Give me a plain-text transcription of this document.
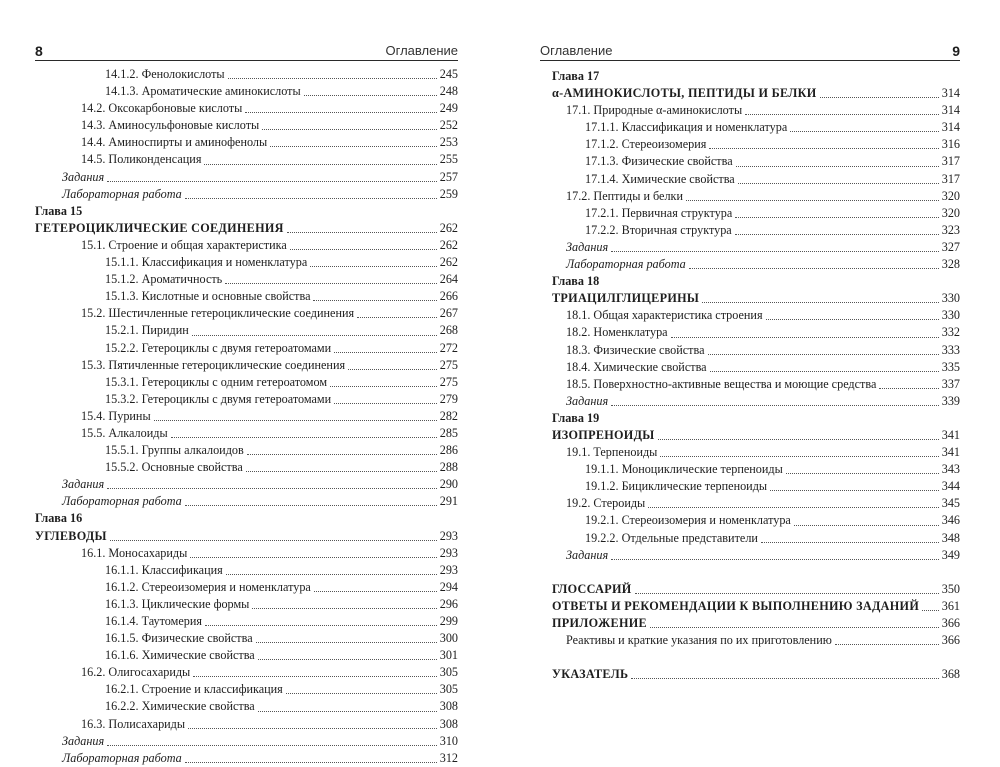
8	Оглавление
14.1.2. Фенолокислоты	245
14.1.3. Ароматические аминокислоты	248
14.2. Оксокарбоновые кислоты	249
14.3. Аминосульфоновые кислоты	252
14.4. Аминоспирты и аминофенолы	253
14.5. Поликонденсация	255
Задания	257
Лабораторная работа	259
Глава 15
ГЕТЕРОЦИКЛИЧЕСКИЕ СОЕДИНЕНИЯ	262
15.1. Строение и общая характеристика	262
15.1.1. Классификация и номенклатура	262
15.1.2. Ароматичность	264
15.1.3. Кислотные и основные свойства	266
15.2. Шестичленные гетероциклические соединения	267
15.2.1. Пиридин	268
15.2.2. Гетероциклы с двумя гетероатомами	272
15.3. Пятичленные гетероциклические соединения	275
15.3.1. Гетероциклы с одним гетероатомом	275
15.3.2. Гетероциклы с двумя гетероатомами	279
15.4. Пурины	282
15.5. Алкалоиды	285
15.5.1. Группы алкалоидов	286
15.5.2. Основные свойства	288
Задания	290
Лабораторная работа	291
Глава 16
УГЛЕВОДЫ	293
16.1. Моносахариды	293
16.1.1. Классификация	293
16.1.2. Стереоизомерия и номенклатура	294
16.1.3. Циклические формы	296
16.1.4. Таутомерия	299
16.1.5. Физические свойства	300
16.1.6. Химические свойства	301
16.2. Олигосахариды	305
16.2.1. Строение и классификация	305
16.2.2. Химические свойства	308
16.3. Полисахариды	308
Задания	310
Лабораторная работа	312
Оглавление	9
Глава 17
α-АМИНОКИСЛОТЫ, ПЕПТИДЫ И БЕЛКИ	314
17.1. Природные α-аминокислоты	314
17.1.1. Классификация и номенклатура	314
17.1.2. Стереоизомерия	316
17.1.3. Физические свойства	317
17.1.4. Химические свойства	317
17.2. Пептиды и белки	320
17.2.1. Первичная структура	320
17.2.2. Вторичная структура	323
Задания	327
Лабораторная работа	328
Глава 18
ТРИАЦИЛГЛИЦЕРИНЫ	330
18.1. Общая характеристика строения	330
18.2. Номенклатура	332
18.3. Физические свойства	333
18.4. Химические свойства	335
18.5. Поверхностно-активные вещества и моющие средства	337
Задания	339
Глава 19
ИЗОПРЕНОИДЫ	341
19.1. Терпеноиды	341
19.1.1. Моноциклические терпеноиды	343
19.1.2. Бициклические терпеноиды	344
19.2. Стероиды	345
19.2.1. Стереоизомерия и номенклатура	346
19.2.2. Отдельные представители	348
Задания	349
ГЛОССАРИЙ	350
ОТВЕТЫ И РЕКОМЕНДАЦИИ К ВЫПОЛНЕНИЮ ЗАДАНИЙ 361
ПРИЛОЖЕНИЕ	366
Реактивы и краткие указания по их приготовлению	366
УКАЗАТЕЛЬ	368
